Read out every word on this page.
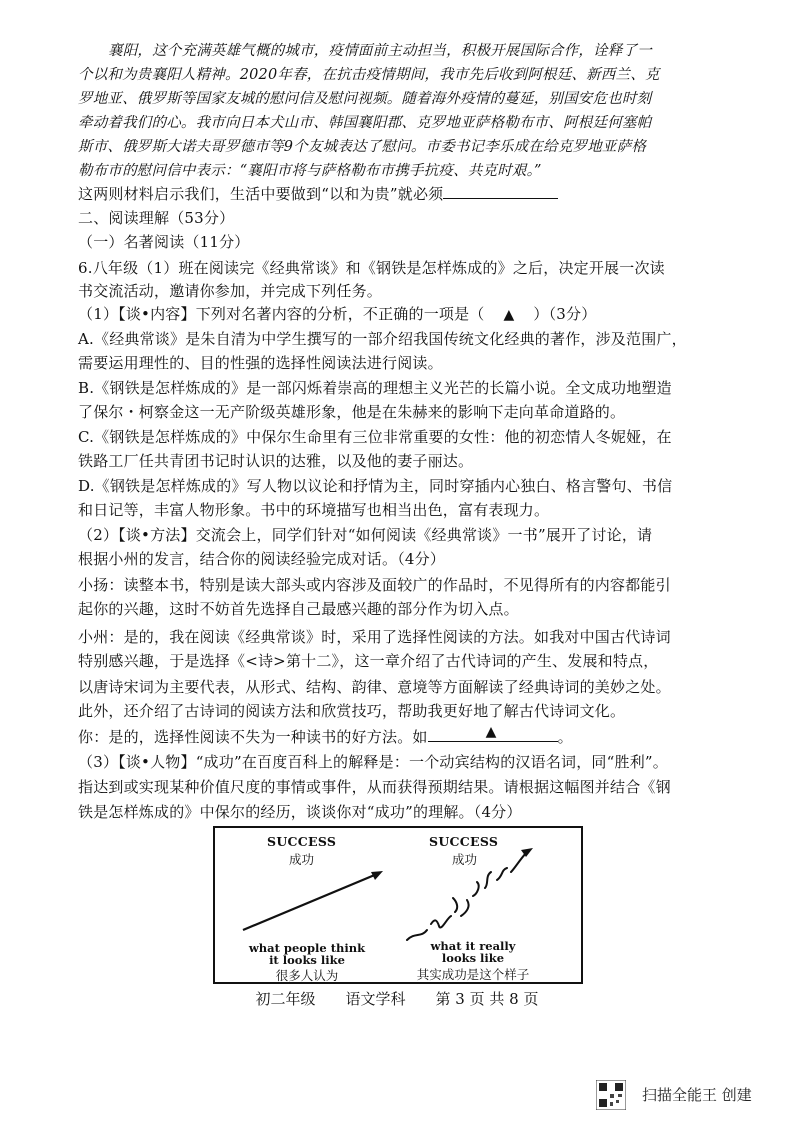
襄阳，这个充满英雄气概的城市，疫情面前主动担当，积极开展国际合作，诠释了一
个以和为贵襄阳人精神。2020年春，在抗击疫情期间，我市先后收到阿根廷、新西兰、克
罗地亚、俄罗斯等国家友城的慰问信及慰问视频。随着海外疫情的蔓延，别国安危也时刻
牵动着我们的心。我市向日本犬山市、韩国襄阳郡、克罗地亚萨格勒布市、阿根廷何塞帕
斯市、俄罗斯大诺夫哥罗德市等9个友城表达了慰问。市委书记李乐成在给克罗地亚萨格
勒布市的慰问信中表示：“襄阳市将与萨格勒布市携手抗疫、共克时艰。”
这两则材料启示我们，生活中要做到“以和为贵”就必须
二、阅读理解（53分）
（一）名著阅读（11分）
6.八年级（1）班在阅读完《经典常谈》和《钢铁是怎样炼成的》之后，决定开展一次读
书交流活动，邀请你参加，并完成下列任务。
（1）【谈•内容】下列对名著内容的分析，不正确的一项是（ ▲ ）（3分）
A.《经典常谈》是朱自清为中学生撰写的一部介绍我国传统文化经典的著作，涉及范围广，
需要运用理性的、目的性强的选择性阅读法进行阅读。
B.《钢铁是怎样炼成的》是一部闪烁着崇高的理想主义光芒的长篇小说。全文成功地塑造
了保尔・柯察金这一无产阶级英雄形象，他是在朱赫来的影响下走向革命道路的。
C.《钢铁是怎样炼成的》中保尔生命里有三位非常重要的女性：他的初恋情人冬妮娅，在
铁路工厂任共青团书记时认识的达雅，以及他的妻子丽达。
D.《钢铁是怎样炼成的》写人物以议论和抒情为主，同时穿插内心独白、格言警句、书信
和日记等，丰富人物形象。书中的环境描写也相当出色，富有表现力。
（2）【谈•方法】交流会上，同学们针对“如何阅读《经典常谈》一书”展开了讨论，请
根据小州的发言，结合你的阅读经验完成对话。（4分）
小扬：读整本书，特别是读大部头或内容涉及面较广的作品时，不见得所有的内容都能引
起你的兴趣，这时不妨首先选择自己最感兴趣的部分作为切入点。
小州：是的，我在阅读《经典常谈》时，采用了选择性阅读的方法。如我对中国古代诗词
特别感兴趣，于是选择《<诗>第十二》，这一章介绍了古代诗词的产生、发展和特点，
以唐诗宋词为主要代表，从形式、结构、韵律、意境等方面解读了经典诗词的美妙之处。
此外，还介绍了古诗词的阅读方法和欣赏技巧，帮助我更好地了解古代诗词文化。
你：是的，选择性阅读不失为一种读书的好方法。如	▲	。
（3）【谈•人物】“成功”在百度百科上的解释是：一个动宾结构的汉语名词，同“胜利”。
指达到或实现某种价值尺度的事情或事件，从而获得预期结果。请根据这幅图并结合《钢
铁是怎样炼成的》中保尔的经历，谈谈你对“成功”的理解。（4分）
SUCCESS
成功
SUCCESS
成功
what people think
it looks like
很多人认为
what it really
looks like
其实成功是这个样子
初二年级　　语文学科　　第 3 页 共 8 页
扫描全能王 创建
